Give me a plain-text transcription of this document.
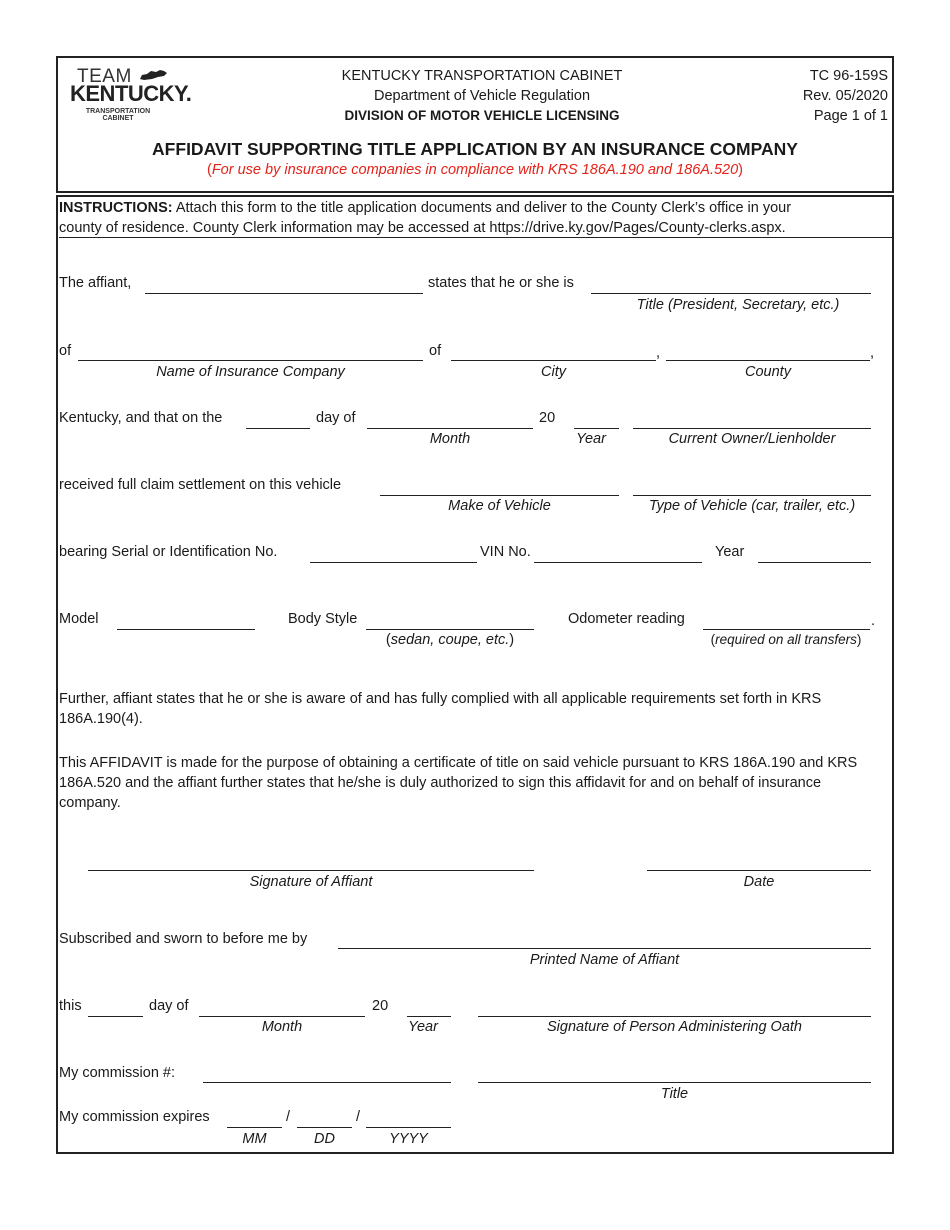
TEAM
KENTUCKY.
TRANSPORTATION
CABINET
KENTUCKY TRANSPORTATION CABINET
Department of Vehicle Regulation
DIVISION OF MOTOR VEHICLE LICENSING
TC 96-159S
Rev. 05/2020
Page 1 of 1
AFFIDAVIT SUPPORTING TITLE APPLICATION BY AN INSURANCE COMPANY
(For use by insurance companies in compliance with KRS 186A.190 and 186A.520)
INSTRUCTIONS: Attach this form to the title application documents and deliver to the County Clerk’s office in your
county of residence. County Clerk information may be accessed at https://drive.ky.gov/Pages/County-clerks.aspx.
The affiant,	states that he or she is
Title (President, Secretary, etc.)
of
Name of Insurance Company
of	,
City
,
County
Kentucky, and that on the	day of
Month
20
Year	Current Owner/Lienholder
received full claim settlement on this vehicle
Make of Vehicle	Type of Vehicle (car, trailer, etc.)
bearing Serial or Identification No.	VIN No.	Year
Model	Body Style
(sedan, coupe, etc.)
Odometer reading	.
(required on all transfers)
Further, affiant states that he or she is aware of and has fully complied with all applicable requirements set forth in KRS 186A.190(4).
This AFFIDAVIT is made for the purpose of obtaining a certificate of title on said vehicle pursuant to KRS 186A.190 and KRS 186A.520 and the affiant further states that he/she is duly authorized to sign this affidavit for and on behalf of insurance company.
Signature of Affiant	Date
Subscribed and sworn to before me by
Printed Name of Affiant
this	day of
Month
20
Year	Signature of Person Administering Oath
My commission #:
Title
My commission expires
MM
/
DD
/
YYYY
